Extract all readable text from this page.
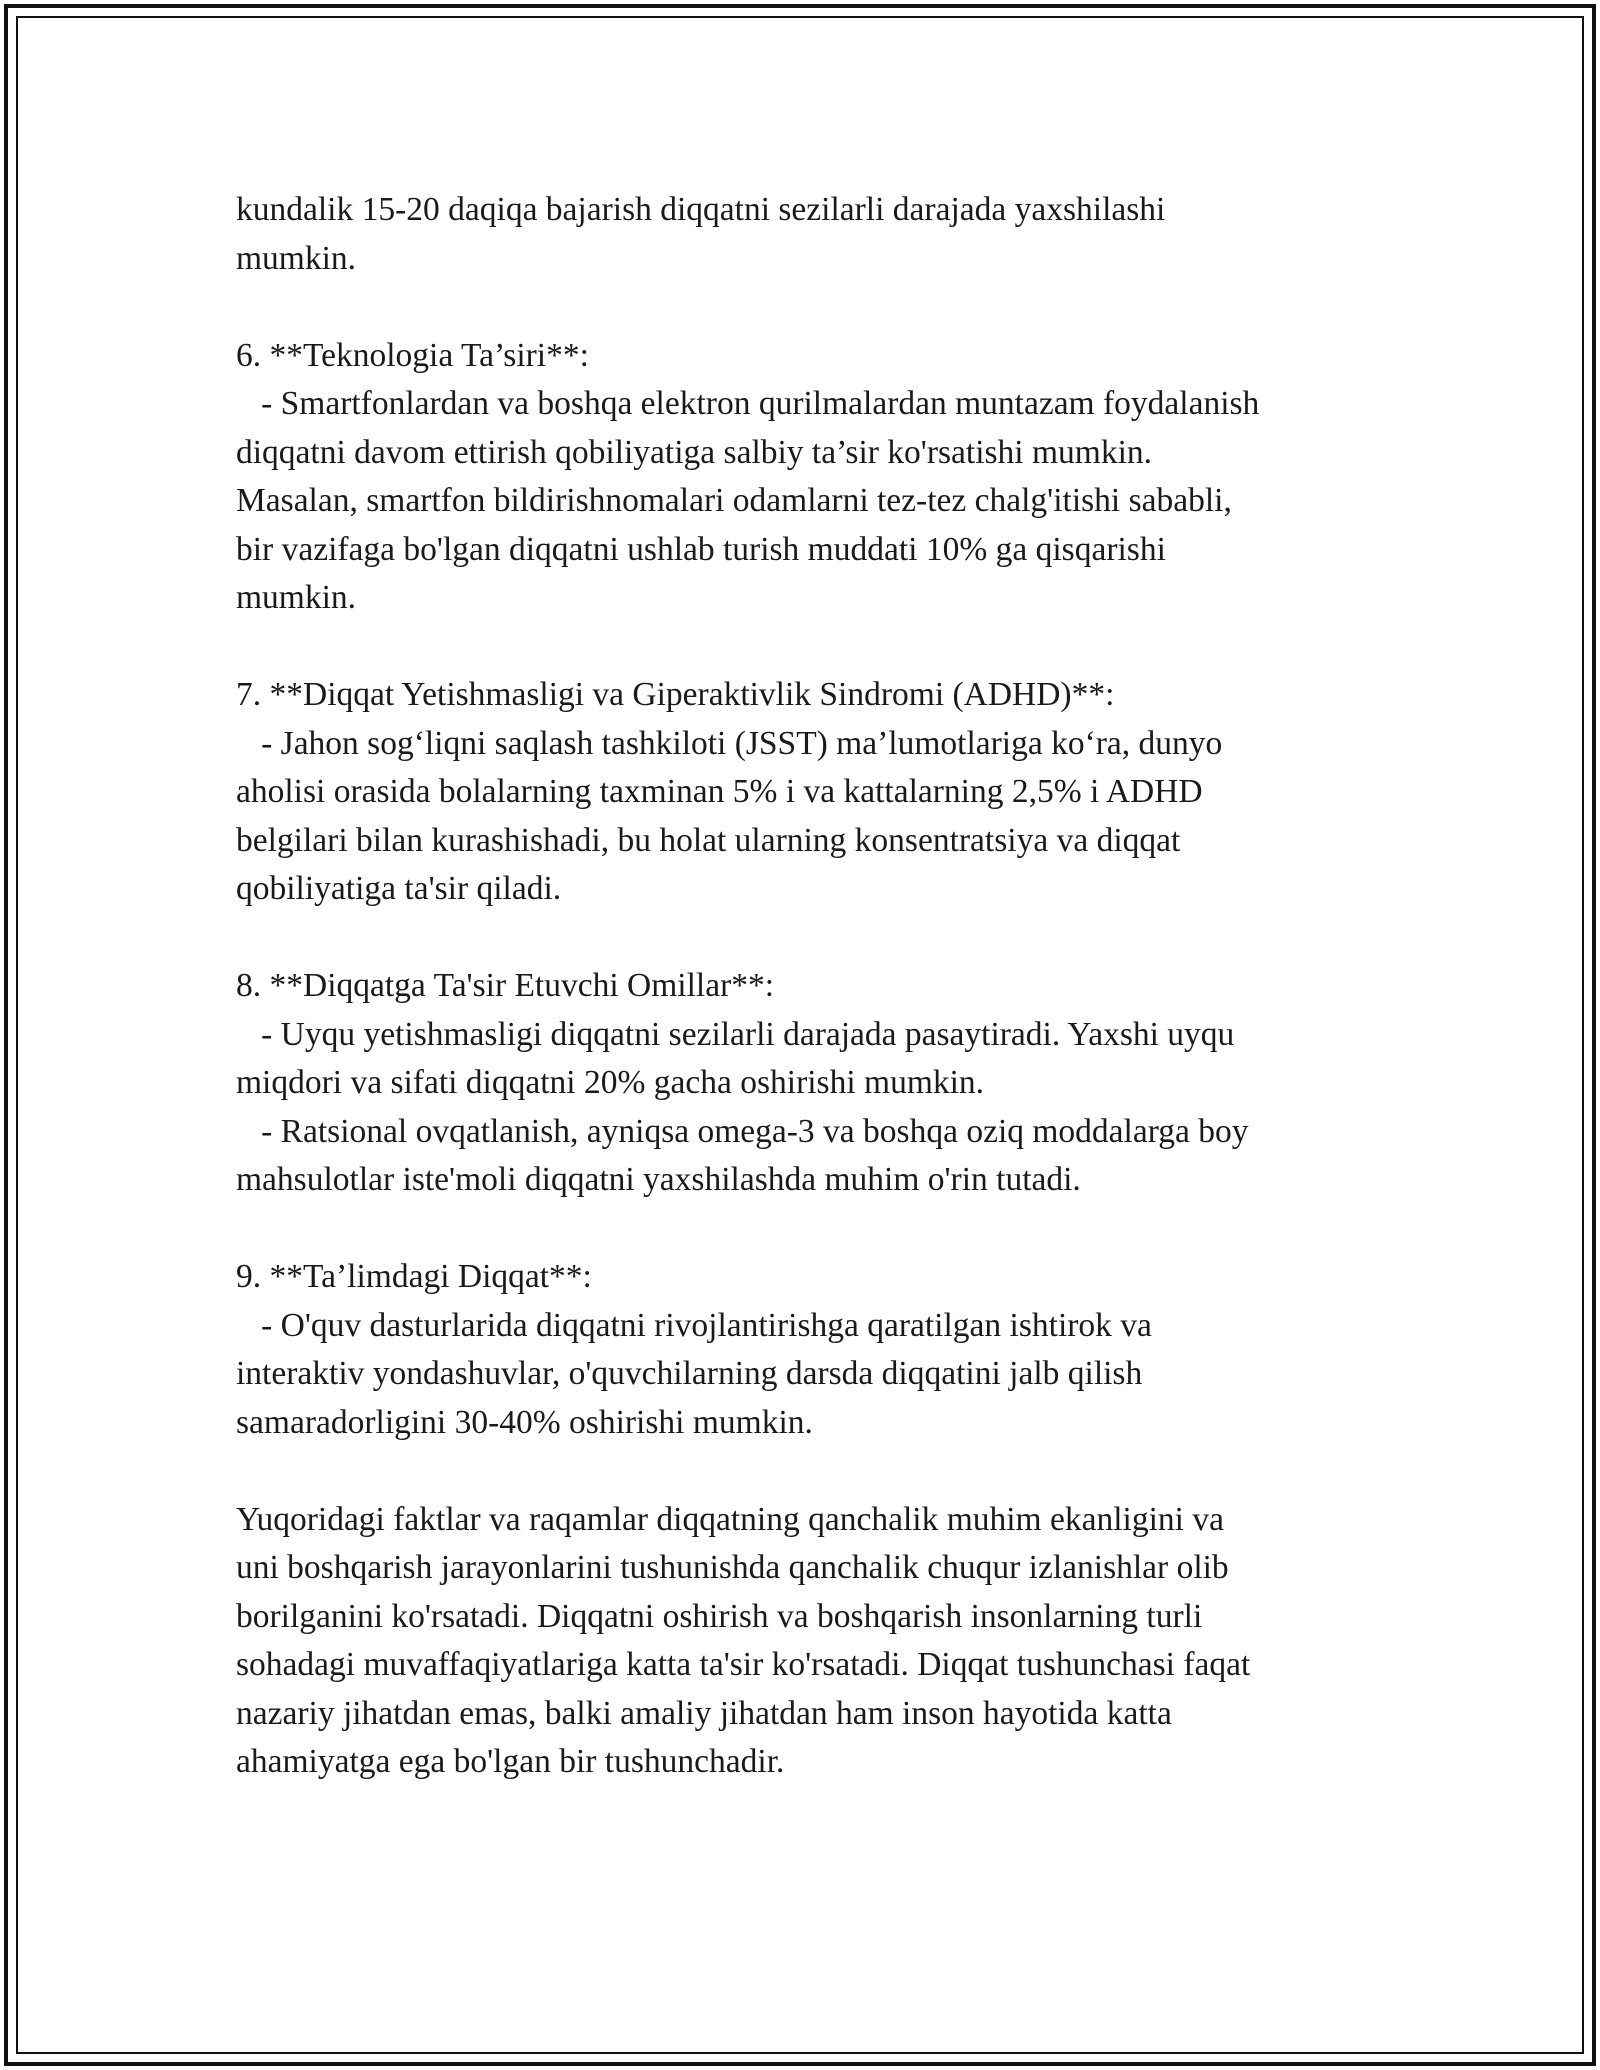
kundalik 15-20 daqiqa bajarish diqqatni sezilarli darajada yaxshilashi

mumkin.

6. **Teknologia Ta’siri**:

- Smartfonlardan va boshqa elektron qurilmalardan muntazam foydalanish

diqqatni davom ettirish qobiliyatiga salbiy ta’sir ko'rsatishi mumkin.

Masalan, smartfon bildirishnomalari odamlarni tez-tez chalg'itishi sababli,

bir vazifaga bo'lgan diqqatni ushlab turish muddati 10% ga qisqarishi

mumkin.

7. **Diqqat Yetishmasligi va Giperaktivlik Sindromi (ADHD)**:

- Jahon sog‘liqni saqlash tashkiloti (JSST) ma’lumotlariga ko‘ra, dunyo

aholisi orasida bolalarning taxminan 5% i va kattalarning 2,5% i ADHD

belgilari bilan kurashishadi, bu holat ularning konsentratsiya va diqqat

qobiliyatiga ta'sir qiladi.

8. **Diqqatga Ta'sir Etuvchi Omillar**:

- Uyqu yetishmasligi diqqatni sezilarli darajada pasaytiradi. Yaxshi uyqu

miqdori va sifati diqqatni 20% gacha oshirishi mumkin.

- Ratsional ovqatlanish, ayniqsa omega-3 va boshqa oziq moddalarga boy

mahsulotlar iste'moli diqqatni yaxshilashda muhim o'rin tutadi.

9. **Ta’limdagi Diqqat**:

- O'quv dasturlarida diqqatni rivojlantirishga qaratilgan ishtirok va

interaktiv yondashuvlar, o'quvchilarning darsda diqqatini jalb qilish

samaradorligini 30-40% oshirishi mumkin.

Yuqoridagi faktlar va raqamlar diqqatning qanchalik muhim ekanligini va

uni boshqarish jarayonlarini tushunishda qanchalik chuqur izlanishlar olib

borilganini ko'rsatadi. Diqqatni oshirish va boshqarish insonlarning turli

sohadagi muvaffaqiyatlariga katta ta'sir ko'rsatadi. Diqqat tushunchasi faqat

nazariy jihatdan emas, balki amaliy jihatdan ham inson hayotida katta

ahamiyatga ega bo'lgan bir tushunchadir.
